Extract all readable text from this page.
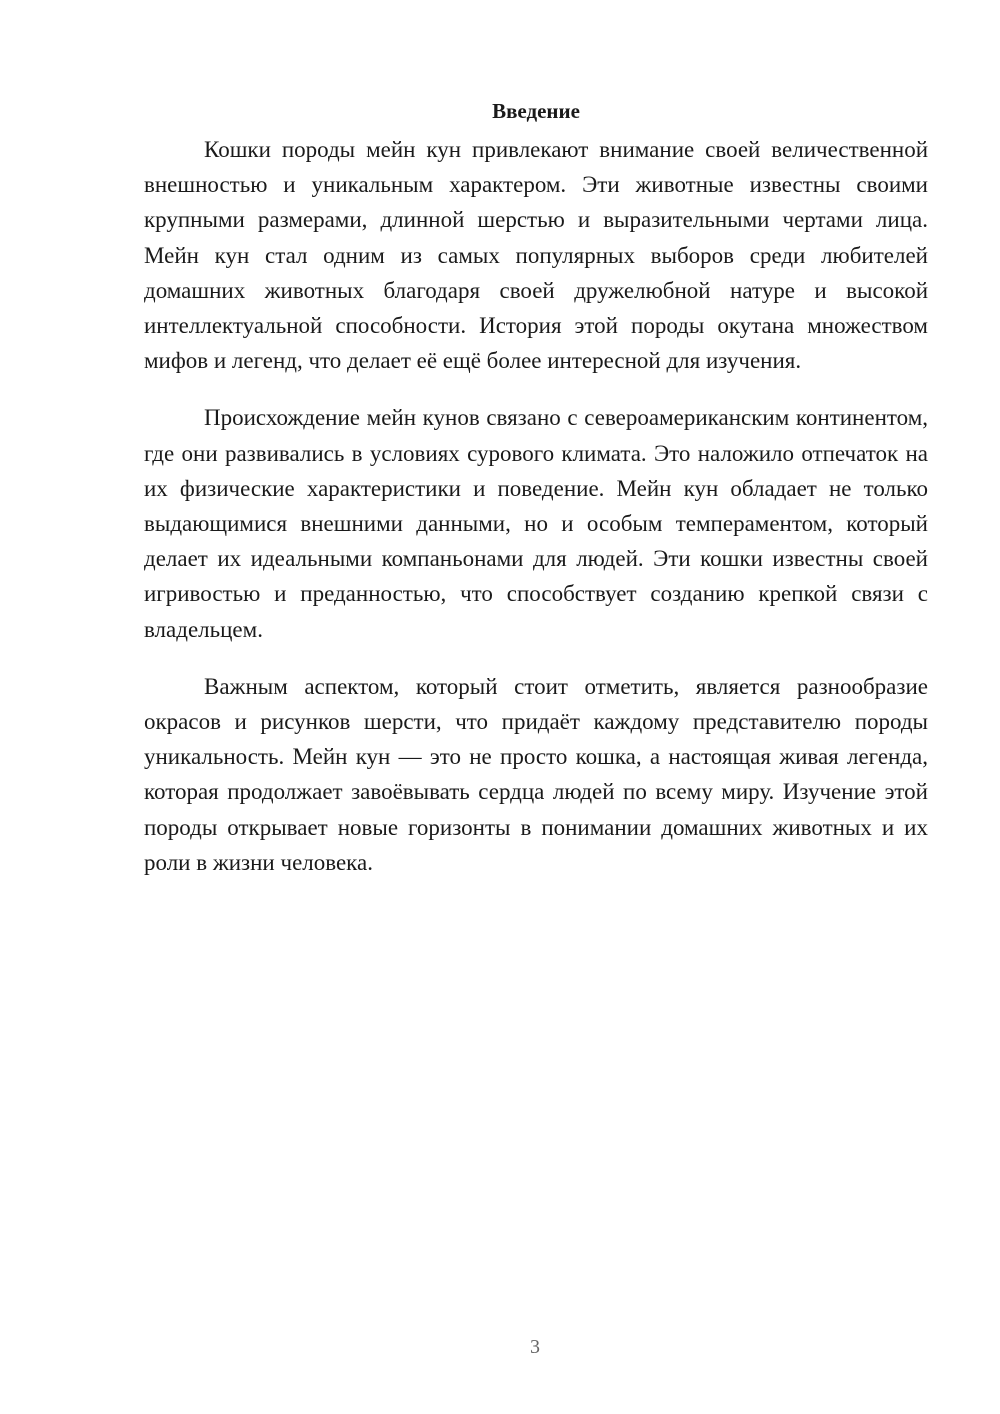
Введение

Кошки породы мейн кун привлекают внимание своей величественной внешностью и уникальным характером. Эти животные известны своими крупными размерами, длинной шерстью и выразительными чертами лица. Мейн кун стал одним из самых популярных выборов среди любителей домашних животных благодаря своей дружелюбной натуре и высокой интеллектуальной способности. История этой породы окутана множеством мифов и легенд, что делает её ещё более интересной для изучения.

Происхождение мейн кунов связано с североамериканским континентом, где они развивались в условиях сурового климата. Это наложило отпечаток на их физические характеристики и поведение. Мейн кун обладает не только выдающимися внешними данными, но и особым темпераментом, который делает их идеальными компаньонами для людей. Эти кошки известны своей игривостью и преданностью, что способствует созданию крепкой связи с владельцем.

Важным аспектом, который стоит отметить, является разнообразие окрасов и рисунков шерсти, что придаёт каждому представителю породы уникальность. Мейн кун — это не просто кошка, а настоящая живая легенда, которая продолжает завоёвывать сердца людей по всему миру. Изучение этой породы открывает новые горизонты в понимании домашних животных и их роли в жизни человека.

3
